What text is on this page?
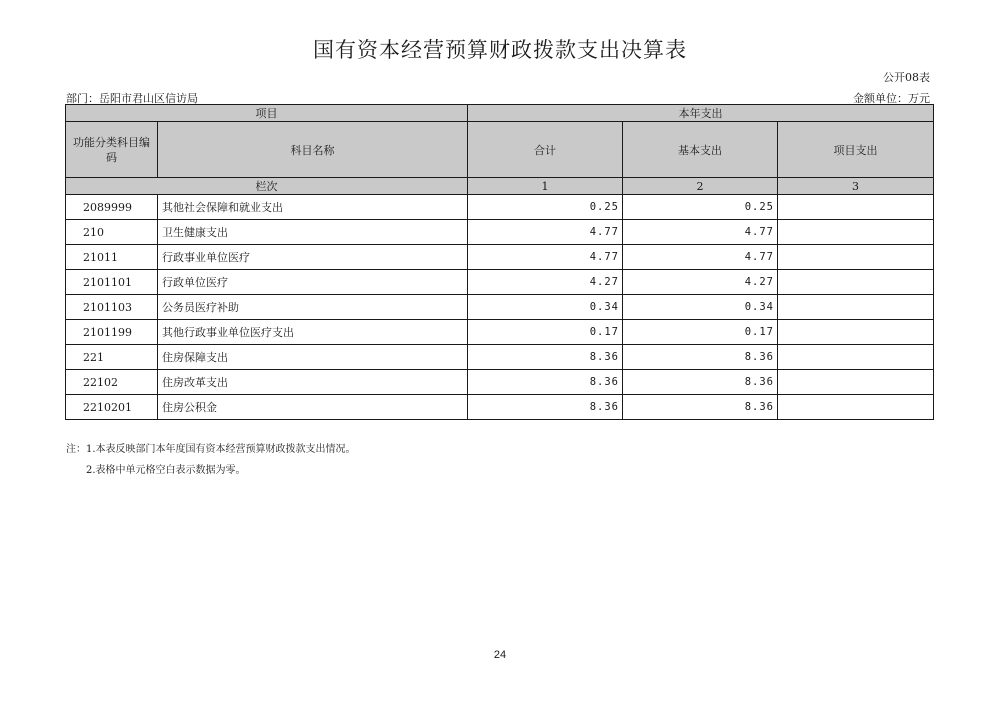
国有资本经营预算财政拨款支出决算表
公开08表
部门：岳阳市君山区信访局	金额单位：万元
项目		本年支出		
功能分类科目编码	科目名称	合计	基本支出	项目支出
栏次		1	2	3
2089999	其他社会保障和就业支出	0.25	0.25	
210	卫生健康支出	4.77	4.77	
21011	行政事业单位医疗	4.77	4.77	
2101101	行政单位医疗	4.27	4.27	
2101103	公务员医疗补助	0.34	0.34	
2101199	其他行政事业单位医疗支出	0.17	0.17	
221	住房保障支出	8.36	8.36	
22102	住房改革支出	8.36	8.36	
2210201	住房公积金	8.36	8.36	
注：1.本表反映部门本年度国有资本经营预算财政拨款支出情况。
2.表格中单元格空白表示数据为零。
24
